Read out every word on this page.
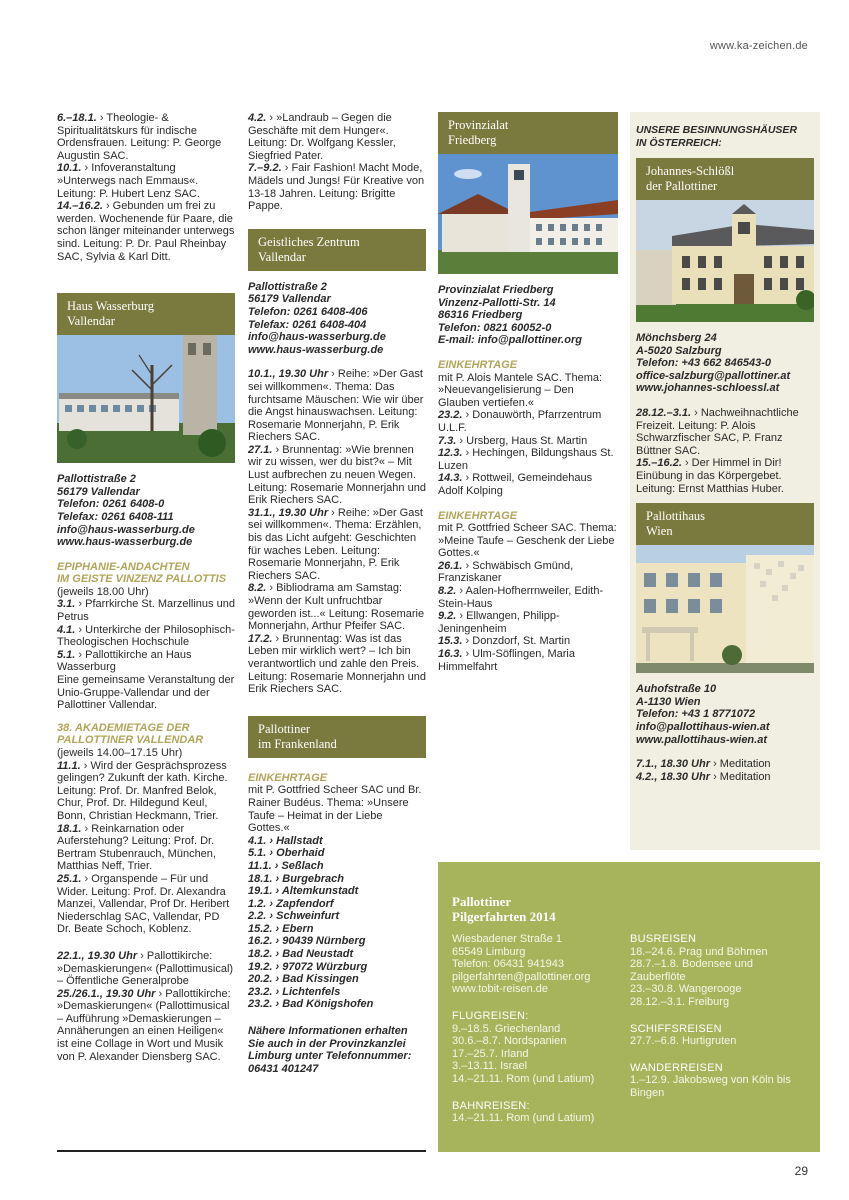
www.ka-zeichen.de

6.–18.1. › Theologie- & Spiritualitätskurs für indische Ordensfrauen. Leitung: P. George Augustin SAC.

10.1. › Infoveranstaltung »Unterwegs nach Emmaus«. Leitung: P. Hubert Lenz SAC.

14.–16.2. › Gebunden um frei zu werden. Wochenende für Paare, die schon länger miteinander unterwegs sind. Leitung: P. Dr. Paul Rheinbay SAC, Sylvia & Karl Ditt.

Haus Wasserburg
Vallendar
Pallottistraße 2
56179 Vallendar
Telefon: 0261 6408-0
Telefax: 0261 6408-111
info@haus-wasserburg.de
www.haus-wasserburg.de
EPIPHANIE-ANDACHTEN
IM GEISTE VINZENZ PALLOTTIS

(jeweils 18.00 Uhr)

3.1. › Pfarrkirche St. Marzellinus und Petrus

4.1. › Unterkirche der Philosophisch-Theologischen Hochschule

5.1. › Pallottikirche an Haus Wasserburg

Eine gemeinsame Veranstaltung der Unio-Gruppe-Vallendar und der Pallottiner Vallendar.

38. AKADEMIETAGE DER
PALLOTTINER VALLENDAR

(jeweils 14.00–17.15 Uhr)

11.1. › Wird der Gesprächsprozess gelingen? Zukunft der kath. Kirche. Leitung: Prof. Dr. Manfred Belok, Chur, Prof. Dr. Hildegund Keul, Bonn, Christian Heckmann, Trier.

18.1. › Reinkarnation oder Auferstehung? Leitung: Prof. Dr. Bertram Stubenrauch, München, Matthias Neff, Trier.

25.1. › Organspende – Für und Wider. Leitung: Prof. Dr. Alexandra Manzei, Vallendar, Prof Dr. Heribert Niederschlag SAC, Vallendar, PD Dr. Beate Schoch, Koblenz.

22.1., 19.30 Uhr › Pallottikirche: »Demaskierungen« (Pallottimusical) – Öffentliche Generalprobe

25./26.1., 19.30 Uhr › Pallottikirche: »Demaskierungen« (Pallottimusical – Aufführung »Demaskierungen – Annäherungen an einen Heiligen« ist eine Collage in Wort und Musik von P. Alexander Diensberg SAC.

4.2. › »Landraub – Gegen die Geschäfte mit dem Hunger«. Leitung: Dr. Wolfgang Kessler, Siegfried Pater.

7.–9.2. › Fair Fashion! Macht Mode, Mädels und Jungs! Für Kreative von 13-18 Jahren. Leitung: Brigitte Pappe.

Geistliches Zentrum
Vallendar
Pallottistraße 2
56179 Vallendar
Telefon: 0261 6408-406
Telefax: 0261 6408-404
info@haus-wasserburg.de
www.haus-wasserburg.de

10.1., 19.30 Uhr › Reihe: »Der Gast sei willkommen«. Thema: Das furchtsame Mäuschen: Wie wir über die Angst hinauswachsen. Leitung: Rosemarie Monnerjahn, P. Erik Riechers SAC.

27.1. › Brunnentag: »Wie brennen wir zu wissen, wer du bist?« – Mit Lust aufbrechen zu neuen Wegen. Leitung: Rosemarie Monnerjahn und Erik Riechers SAC.

31.1., 19.30 Uhr › Reihe: »Der Gast sei willkommen«. Thema: Erzählen, bis das Licht aufgeht: Geschichten für waches Leben. Leitung: Rosemarie Monnerjahn, P. Erik Riechers SAC.

8.2. › Bibliodrama am Samstag: »Wenn der Kult unfruchtbar geworden ist...« Leitung: Rosemarie Monnerjahn, Arthur Pfeifer SAC.

17.2. › Brunnentag: Was ist das Leben mir wirklich wert? – Ich bin verantwortlich und zahle den Preis. Leitung: Rosemarie Monnerjahn und Erik Riechers SAC.

Pallottiner
im Frankenland
EINKEHRTAGE

mit P. Gottfried Scheer SAC und Br. Rainer Budéus. Thema: »Unsere Taufe – Heimat in der Liebe Gottes.«

4.1. › Hallstadt
5.1. › Oberhaid
11.1. › Seßlach
18.1. › Burgebrach
19.1. › Altemkunstadt
1.2. › Zapfendorf
2.2. › Schweinfurt
15.2. › Ebern
16.2. › 90439 Nürnberg
18.2. › Bad Neustadt
19.2. › 97072 Würzburg
20.2. › Bad Kissingen
23.2. › Lichtenfels
23.2. › Bad Königshofen

Nähere Informationen erhalten Sie auch in der Provinzkanzlei Limburg unter Telefonnummer: 06431 401247

Provinzialat
Friedberg
Provinzialat Friedberg
Vinzenz-Pallotti-Str. 14
86316 Friedberg
Telefon: 0821 60052-0
E-mail: info@pallottiner.org
EINKEHRTAGE

mit P. Alois Mantele SAC. Thema: »Neuevangelisierung – Den Glauben vertiefen.«

23.2. › Donauwörth, Pfarrzentrum U.L.F.

7.3. › Ursberg, Haus St. Martin

12.3. › Hechingen, Bildungshaus St. Luzen

14.3. › Rottweil, Gemeindehaus Adolf Kolping

EINKEHRTAGE

mit P. Gottfried Scheer SAC. Thema: »Meine Taufe – Geschenk der Liebe Gottes.«

26.1. › Schwäbisch Gmünd, Franziskaner

8.2. › Aalen-Hofherrnweiler, Edith-Stein-Haus

9.2. › Ellwangen, Philipp-Jeningenheim

15.3. › Donzdorf, St. Martin

16.3. › Ulm-Söflingen, Maria Himmelfahrt

UNSERE BESINNUNGSHÄUSER
IN ÖSTERREICH:
Johannes-Schlößl
der Pallottiner
Mönchsberg 24
A-5020 Salzburg
Telefon: +43 662 846543-0
office-salzburg@pallottiner.at
www.johannes-schloessl.at

28.12.–3.1. › Nachweihnachtliche Freizeit. Leitung: P. Alois Schwarzfischer SAC, P. Franz Büttner SAC.

15.–16.2. › Der Himmel in Dir! Einübung in das Körpergebet. Leitung: Ernst Matthias Huber.

Pallottihaus
Wien
Auhofstraße 10
A-1130 Wien
Telefon: +43 1 8771072
info@pallottihaus-wien.at
www.pallottihaus-wien.at

7.1., 18.30 Uhr › Meditation

4.2., 18.30 Uhr › Meditation

Pallottiner
Pilgerfahrten 2014
Wiesbadener Straße 1
65549 Limburg
Telefon: 06431 941943
pilgerfahrten@pallottiner.org
www.tobit-reisen.de
FLUGREISEN:
9.–18.5. Griechenland
30.6.–8.7. Nordspanien
17.–25.7. Irland
3.–13.11. Israel
14.–21.11. Rom (und Latium)
BAHNREISEN:
14.–21.11. Rom (und Latium)
BUSREISEN
18.–24.6. Prag und Böhmen
28.7.–1.8. Bodensee und Zauberflöte
23.–30.8. Wangerooge
28.12.–3.1. Freiburg
SCHIFFSREISEN
27.7.–6.8. Hurtigruten
WANDERREISEN
1.–12.9. Jakobsweg von Köln bis Bingen
29
